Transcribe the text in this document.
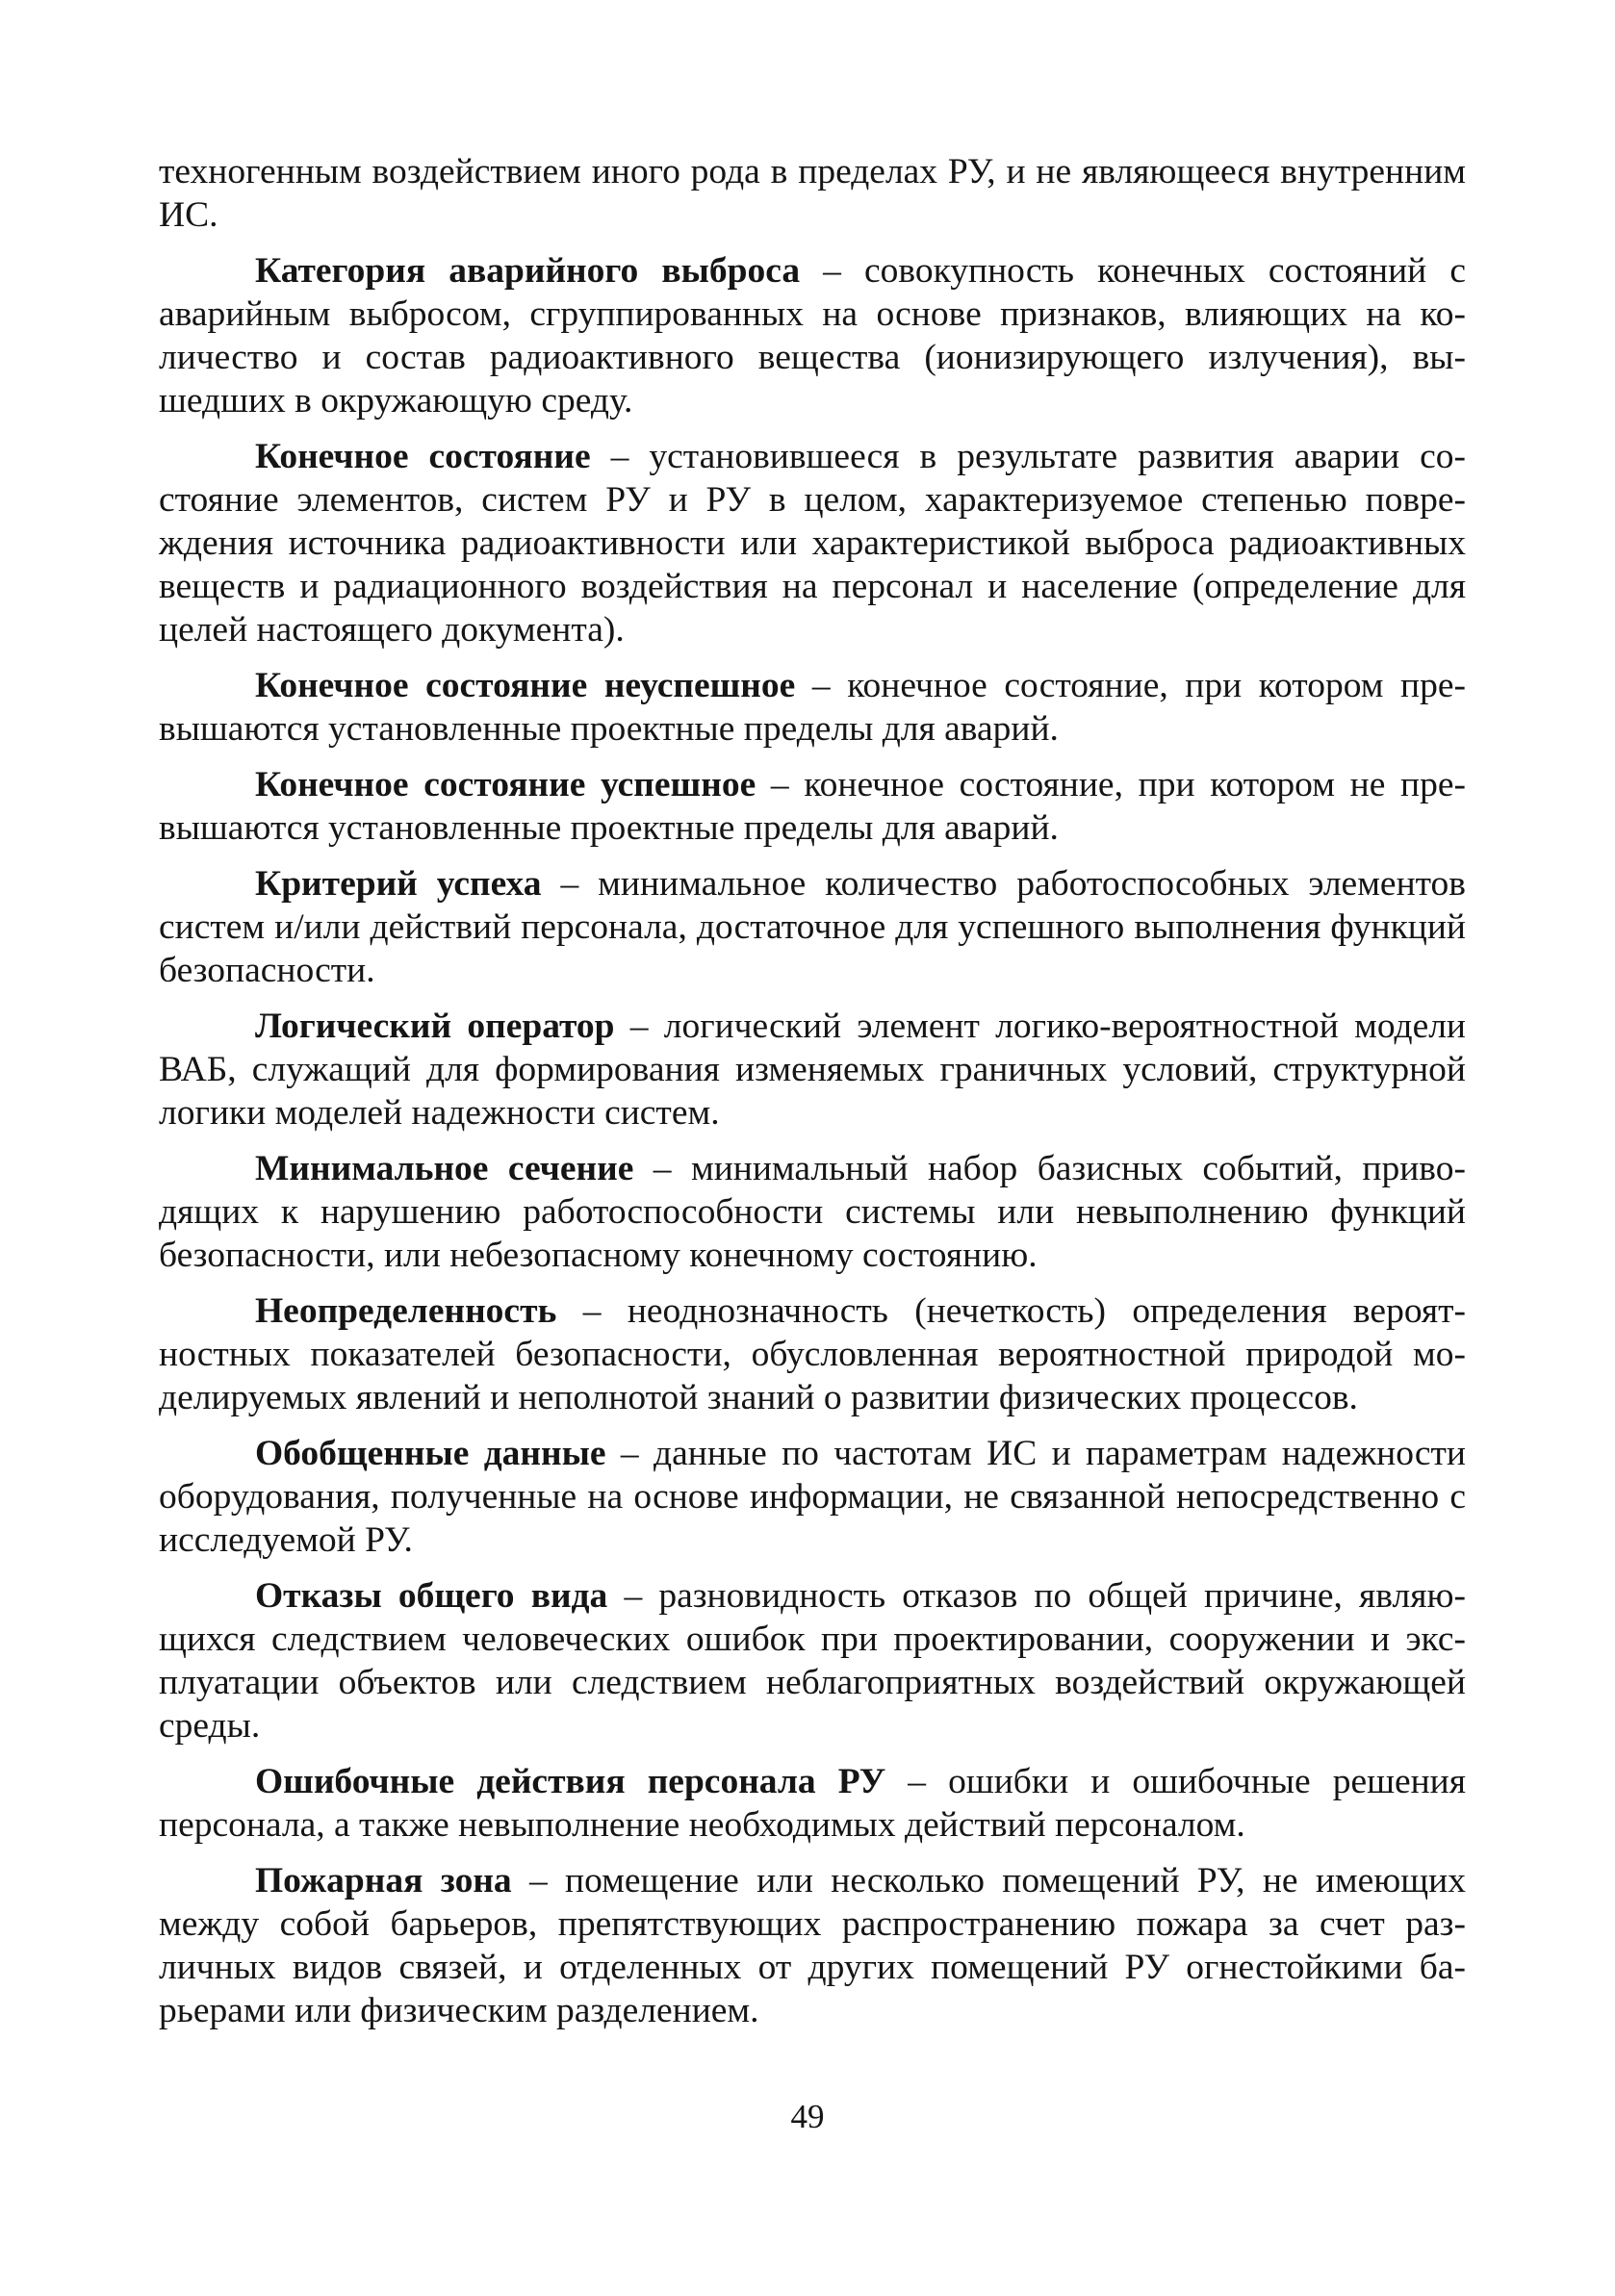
техногенным воздействием иного рода в пределах РУ, и не являющееся внутренним ИС.

Категория аварийного выброса – совокупность конечных состояний с аварийным выбросом, сгруппированных на основе признаков, влияющих на количество и состав радиоактивного вещества (ионизирующего излучения), вышедших в окружающую среду.

Конечное состояние – установившееся в результате развития аварии состояние элементов, систем РУ и РУ в целом, характеризуемое степенью повреждения источника радиоактивности или характеристикой выброса радиоактивных веществ и радиационного воздействия на персонал и население (определение для целей настоящего документа).

Конечное состояние неуспешное – конечное состояние, при котором превышаются установленные проектные пределы для аварий.

Конечное состояние успешное – конечное состояние, при котором не превышаются установленные проектные пределы для аварий.

Критерий успеха – минимальное количество работоспособных элементов систем и/или действий персонала, достаточное для успешного выполнения функций безопасности.

Логический оператор – логический элемент логико-вероятностной модели ВАБ, служащий для формирования изменяемых граничных условий, структурной логики моделей надежности систем.

Минимальное сечение – минимальный набор базисных событий, приводящих к нарушению работоспособности системы или невыполнению функций безопасности, или небезопасному конечному состоянию.

Неопределенность – неоднозначность (нечеткость) определения вероятностных показателей безопасности, обусловленная вероятностной природой моделируемых явлений и неполнотой знаний о развитии физических процессов.

Обобщенные данные – данные по частотам ИС и параметрам надежности оборудования, полученные на основе информации, не связанной непосредственно с исследуемой РУ.

Отказы общего вида – разновидность отказов по общей причине, являющихся следствием человеческих ошибок при проектировании, сооружении и эксплуатации объектов или следствием неблагоприятных воздействий окружающей среды.

Ошибочные действия персонала РУ – ошибки и ошибочные решения персонала, а также невыполнение необходимых действий персоналом.

Пожарная зона – помещение или несколько помещений РУ, не имеющих между собой барьеров, препятствующих распространению пожара за счет различных видов связей, и отделенных от других помещений РУ огнестойкими барьерами или физическим разделением.

49
